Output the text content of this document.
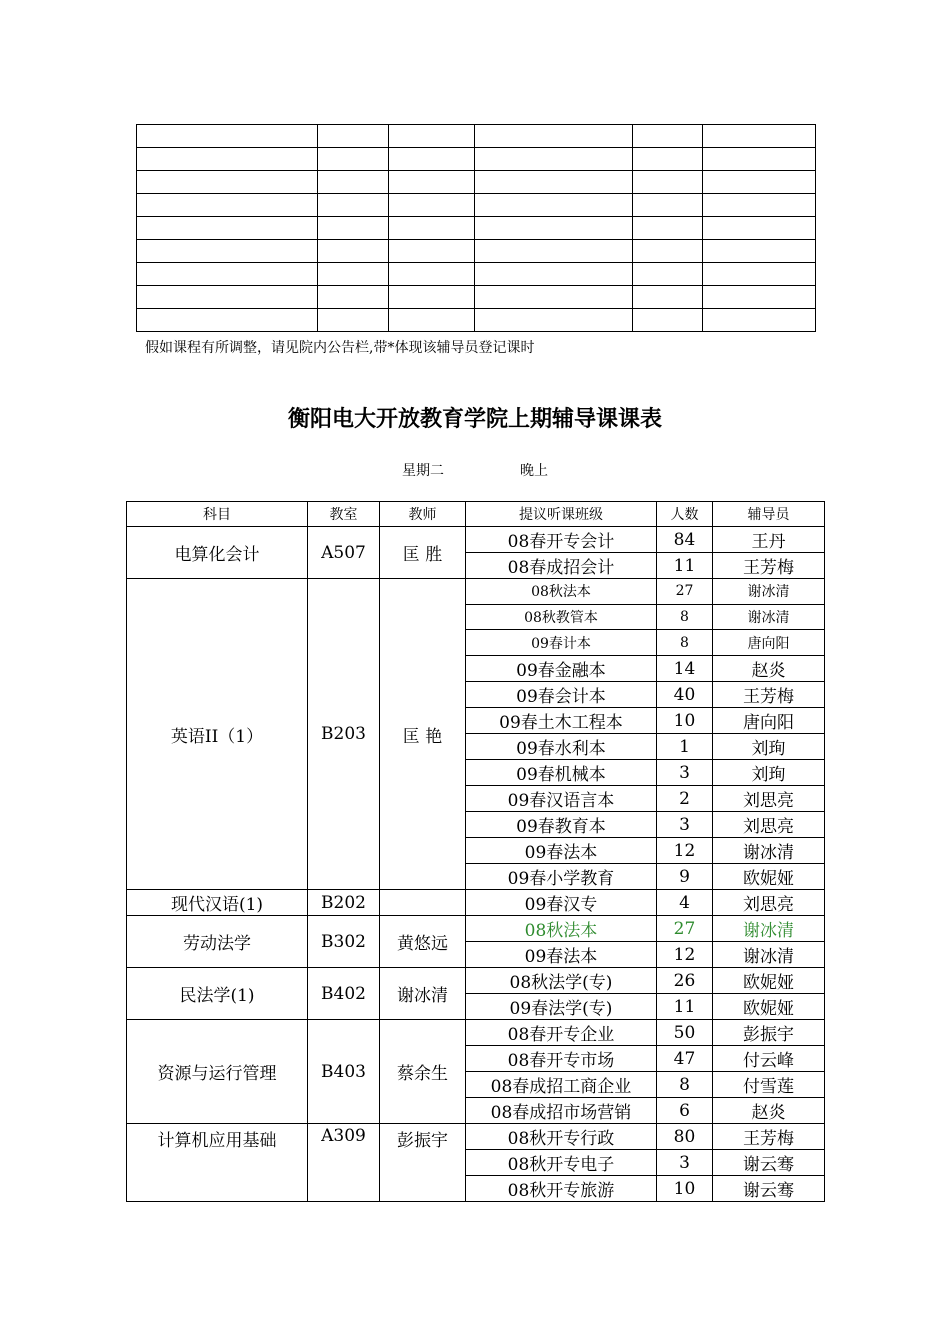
假如课程有所调整，请见院内公告栏,带*体现该辅导员登记课时
衡阳电大开放教育学院上期辅导课课表
星期二	晚上
科目	教室	教师	提议听课班级	人数	辅导员
电算化会计	A507	匡 胜	08春开专会计	84	王丹
			08春成招会计	11	王芳梅
英语II（1）	B203	匡 艳	08秋法本	27	谢冰清
			08秋教管本	8	谢冰清
			09春计本	8	唐向阳
			09春金融本	14	赵炎
			09春会计本	40	王芳梅
			09春土木工程本	10	唐向阳
			09春水利本	1	刘珣
			09春机械本	3	刘珣
			09春汉语言本	2	刘思亮
			09春教育本	3	刘思亮
			09春法本	12	谢冰清
			09春小学教育	9	欧妮娅
现代汉语(1)	B202		09春汉专	4	刘思亮
劳动法学	B302	黄悠远	08秋法本	27	谢冰清
			09春法本	12	谢冰清
民法学(1)	B402	谢冰清	08秋法学(专)	26	欧妮娅
			09春法学(专)	11	欧妮娅
资源与运行管理	B403	蔡余生	08春开专企业	50	彭振宇
			08春开专市场	47	付云峰
			08春成招工商企业	8	付雪莲
			08春成招市场营销	6	赵炎
计算机应用基础	A309	彭振宇	08秋开专行政	80	王芳梅
			08秋开专电子	3	谢云骞
			08秋开专旅游	10	谢云骞
